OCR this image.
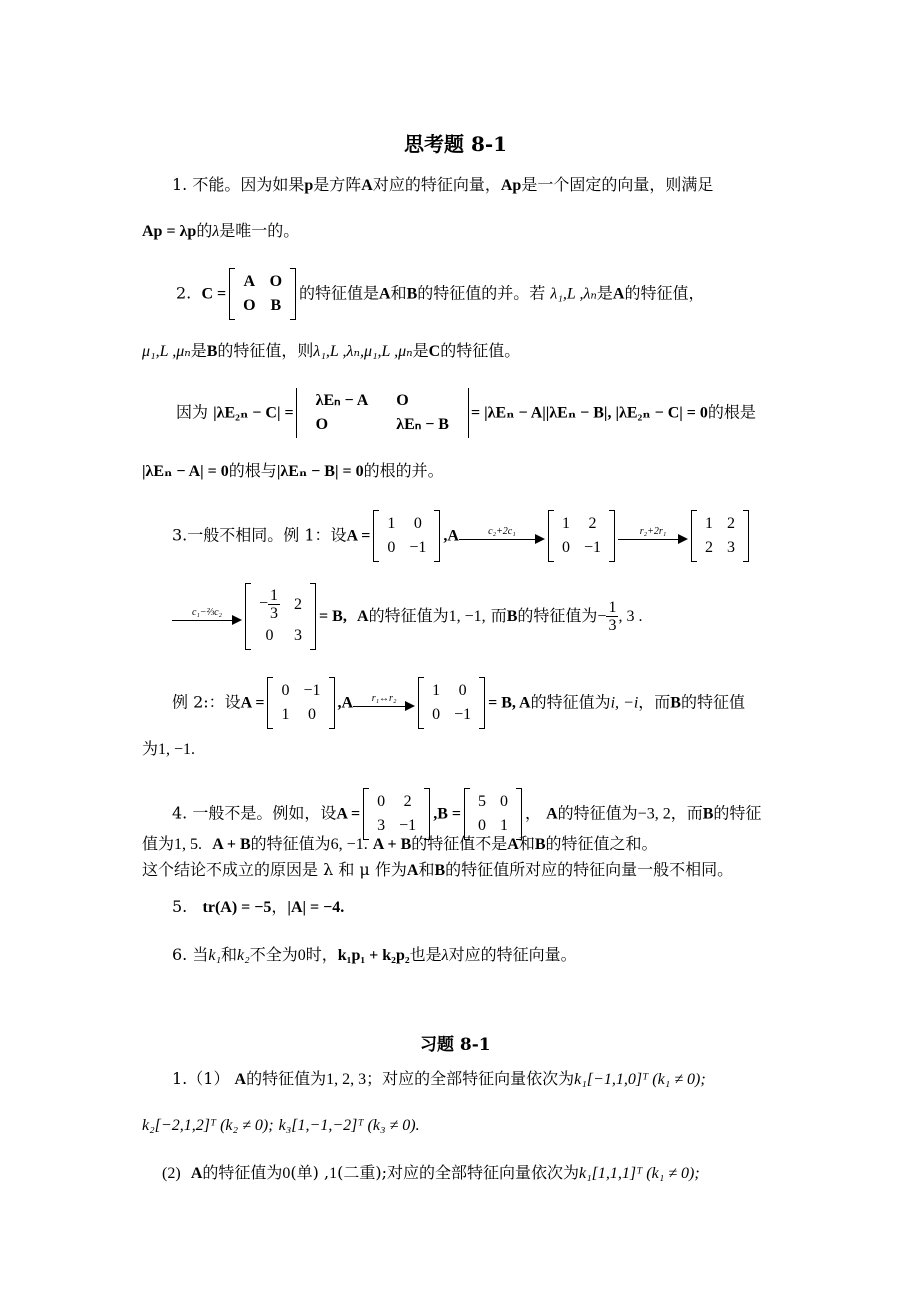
思考题 8-1
1. 不能。因为如果p是方阵A对应的特征向量，Ap是一个固定的向量，则满足
Ap = λp的λ是唯一的。
2. C =
A	O
O	B
的特征值是A和B的特征值的并。若 λ₁,L ,λₙ是A的特征值，
μ₁,L ,μₙ是B的特征值，则λ₁,L ,λₙ,μ₁,L ,μₙ是C的特征值。
因为 |λE₂ₙ − C| =
λEₙ − A	O
O	λEₙ − B
= |λEₙ − A||λEₙ − B|, |λE₂ₙ − C| = 0的根是
|λEₙ − A| = 0的根与|λEₙ − B| = 0的根的并。
3.一般不相同。例 1：设A =
1	0
0	−1
,A	c₂+2c₁	1	2
0	−1
r₂+2r₁	1	2
2	3
c₁−⅔c₂	− $\frac{1}{3}$	2
0	3
= B, A的特征值为1, −1, 而B的特征值为− $\frac{1}{3}$ , 3 .
例 2:：设A =
0	−1
1	0
,A	r₁↔r₂	1	0
0	−1
= B, A的特征值为i, −i，而B的特征值
为1, −1.
4. 一般不是。例如，设A =
0	2
3	−1
,B =
5	0
0	1
， A的特征值为−3, 2，而B的特征
值为1, 5. A + B的特征值为6, −1. A + B的特征值不是A和B的特征值之和。
这个结论不成立的原因是 λ 和 μ 作为A和B的特征值所对应的特征向量一般不相同。
5. tr(A) = −5，|A| = −4.
6. 当k₁和k₂不全为0时，k₁p₁ + k₂p₂也是λ对应的特征向量。
习题 8-1
1.（1） A的特征值为1, 2, 3；对应的全部特征向量依次为k₁[−1,1,0]ᵀ (k₁ ≠ 0);
k₂[−2,1,2]ᵀ (k₂ ≠ 0); k₃[1,−1,−2]ᵀ (k₃ ≠ 0).
(2) A的特征值为0(单) ,1(二重);对应的全部特征向量依次为k₁[1,1,1]ᵀ (k₁ ≠ 0);
